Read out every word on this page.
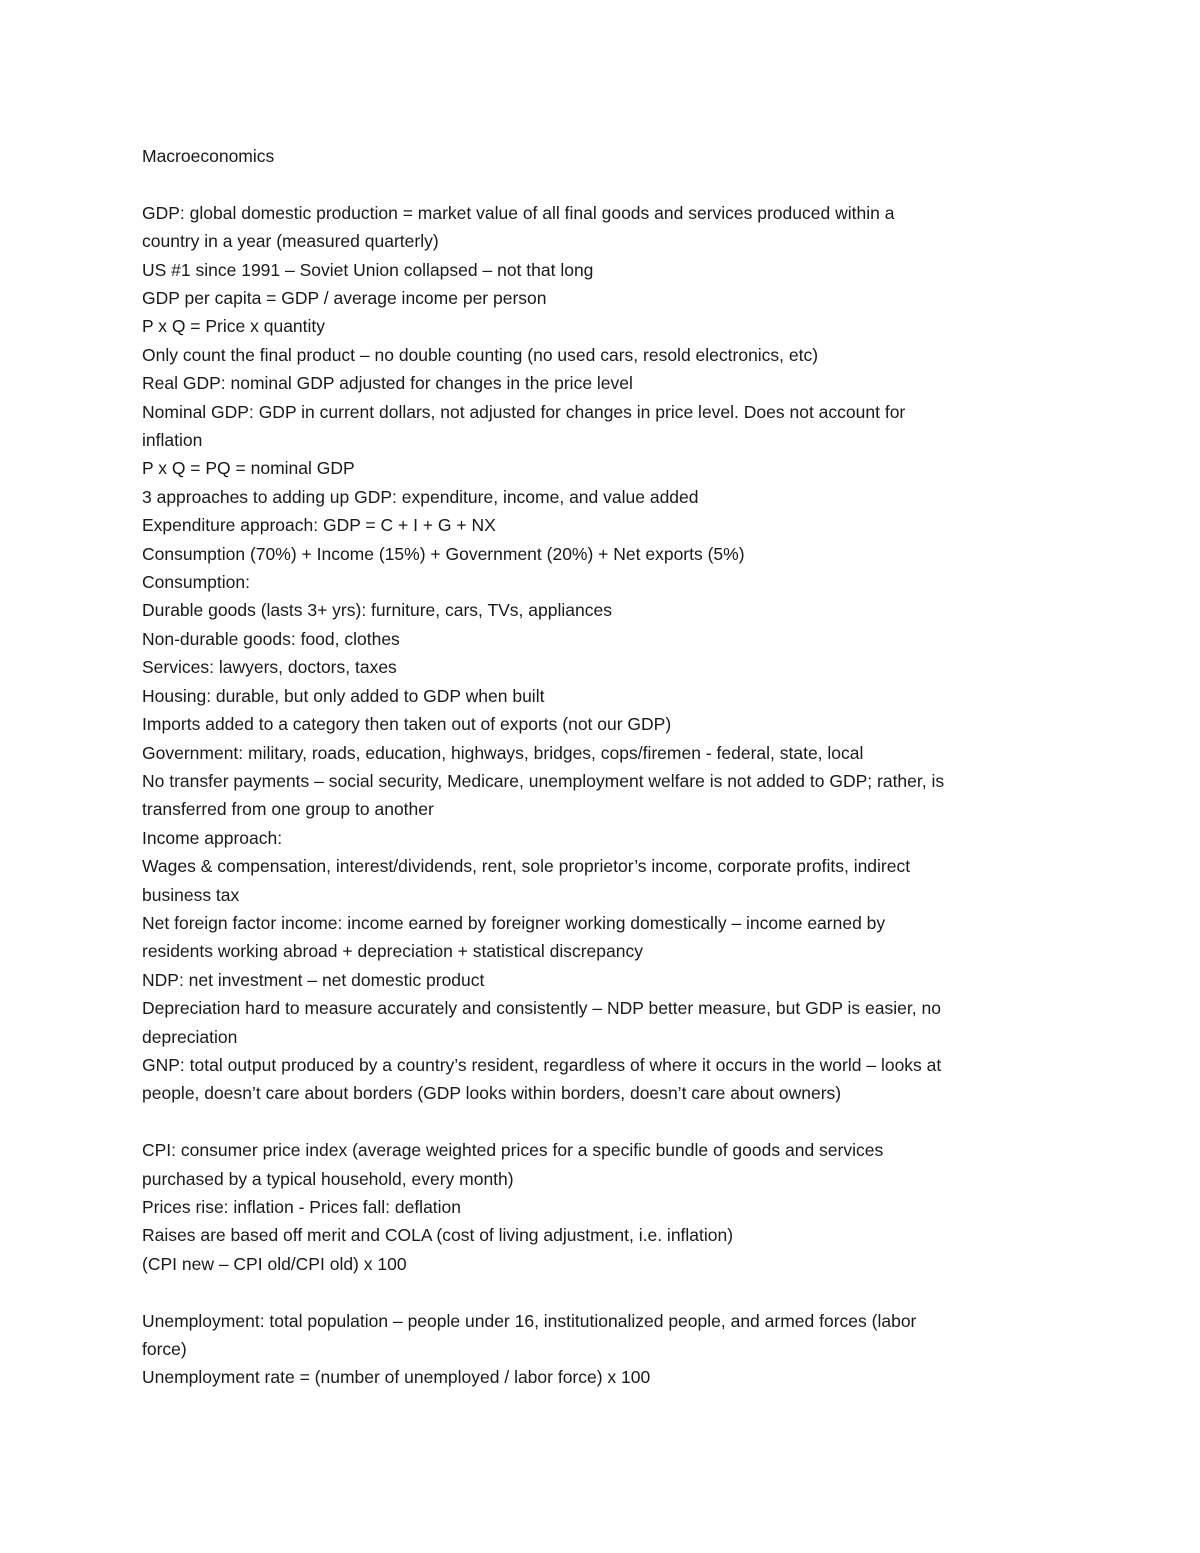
Macroeconomics
GDP: global domestic production = market value of all final goods and services produced within a
country in a year (measured quarterly)
US #1 since 1991 – Soviet Union collapsed – not that long
GDP per capita = GDP / average income per person
P x Q = Price x quantity
Only count the final product – no double counting (no used cars, resold electronics, etc)
Real GDP: nominal GDP adjusted for changes in the price level
Nominal GDP: GDP in current dollars, not adjusted for changes in price level. Does not account for
inflation
P x Q = PQ = nominal GDP
3 approaches to adding up GDP: expenditure, income, and value added
Expenditure approach: GDP = C + I + G + NX
Consumption (70%) + Income (15%) + Government (20%) + Net exports (5%)
Consumption:
Durable goods (lasts 3+ yrs): furniture, cars, TVs, appliances
Non-durable goods: food, clothes
Services: lawyers, doctors, taxes
Housing: durable, but only added to GDP when built
Imports added to a category then taken out of exports (not our GDP)
Government: military, roads, education, highways, bridges, cops/firemen - federal, state, local
No transfer payments – social security, Medicare, unemployment welfare is not added to GDP; rather, is
transferred from one group to another
Income approach:
Wages & compensation, interest/dividends, rent, sole proprietor’s income, corporate profits, indirect
business tax
Net foreign factor income: income earned by foreigner working domestically – income earned by
residents working abroad + depreciation + statistical discrepancy
NDP: net investment – net domestic product
Depreciation hard to measure accurately and consistently – NDP better measure, but GDP is easier, no
depreciation
GNP: total output produced by a country’s resident, regardless of where it occurs in the world – looks at
people, doesn’t care about borders (GDP looks within borders, doesn’t care about owners)
CPI: consumer price index (average weighted prices for a specific bundle of goods and services
purchased by a typical household, every month)
Prices rise: inflation - Prices fall: deflation
Raises are based off merit and COLA (cost of living adjustment, i.e. inflation)
(CPI new – CPI old/CPI old) x 100
Unemployment: total population – people under 16, institutionalized people, and armed forces (labor
force)
Unemployment rate = (number of unemployed / labor force) x 100
